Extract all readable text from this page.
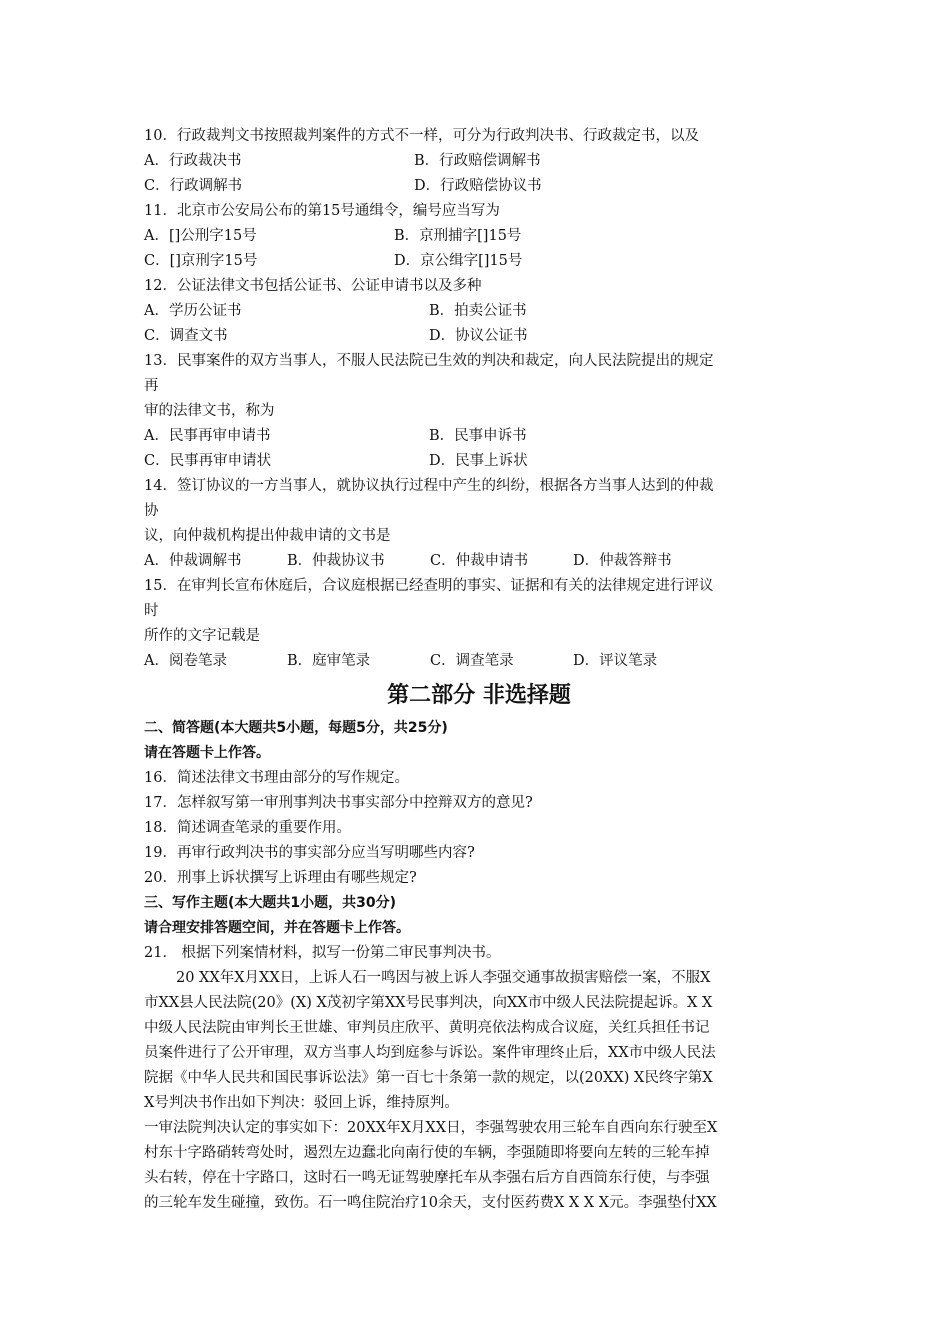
10．行政裁判文书按照裁判案件的方式不一样，可分为行政判决书、行政裁定书，以及
A．行政裁决书	B．行政赔偿调解书
C．行政调解书	D．行政赔偿协议书
11．北京市公安局公布的第15号通缉令，编号应当写为
A．[]公刑字15号	B．京刑捕字[]15号
C．[]京刑字15号	D．京公缉字[]15号
12．公证法律文书包括公证书、公证申请书以及多种
A．学历公证书	B．拍卖公证书
C．调查文书	D．协议公证书
13．民事案件的双方当事人，不服人民法院已生效的判决和裁定，向人民法院提出的规定
再
审的法律文书，称为
A．民事再审申请书	B．民事申诉书
C．民事再审申请状	D．民事上诉状
14．签订协议的一方当事人，就协议执行过程中产生的纠纷，根据各方当事人达到的仲裁
协
议，向仲裁机构提出仲裁申请的文书是
A．仲裁调解书	B．仲裁协议书	C．仲裁申请书	D．仲裁答辩书
15．在审判长宣布休庭后，合议庭根据已经查明的事实、证据和有关的法律规定进行评议
时
所作的文字记载是
A．阅卷笔录	B．庭审笔录	C．调查笔录	D．评议笔录
第二部分 非选择题
二、简答题(本大题共5小题，每题5分，共25分)
请在答题卡上作答。
16．简述法律文书理由部分的写作规定。
17．怎样叙写第一审刑事判决书事实部分中控辩双方的意见?
18．简述调查笔录的重要作用。
19．再审行政判决书的事实部分应当写明哪些内容?
20．刑事上诉状撰写上诉理由有哪些规定?
三、写作主题(本大题共1小题，共30分)
请合理安排答题空间，并在答题卡上作答。
21． 根据下列案情材料，拟写一份第二审民事判决书。
20 XX年X月XX日，上诉人石一鸣因与被上诉人李强交通事故损害赔偿一案，不服X
市XX县人民法院(20》(X) X茂初字第XX号民事判决，向XX市中级人民法院提起诉。X X
中级人民法院由审判长王世雄、审判员庄欣平、黄明亮依法构成合议庭，关红兵担任书记
员案件进行了公开审理，双方当事人均到庭参与诉讼。案件审理终止后，XX市中级人民法
院据《中华人民共和国民事诉讼法》第一百七十条第一款的规定，以(20XX) X民终字第X
X号判决书作出如下判决：驳回上诉，维持原判。
一审法院判决认定的事实如下：20XX年X月XX日，李强驾驶农用三轮车自西向东行驶至X
村东十字路硝转弯处时，遏烈左边蠢北向南行使的车辆，李强随即将要向左转的三轮车掉
头右转，停在十字路口，这时石一鸣无证驾驶摩托车从李强右后方自西筒东行使，与李强
的三轮车发生碰撞，致伤。石一鸣住院治疗10余天，支付医药费X X X X元。李强垫付XX
